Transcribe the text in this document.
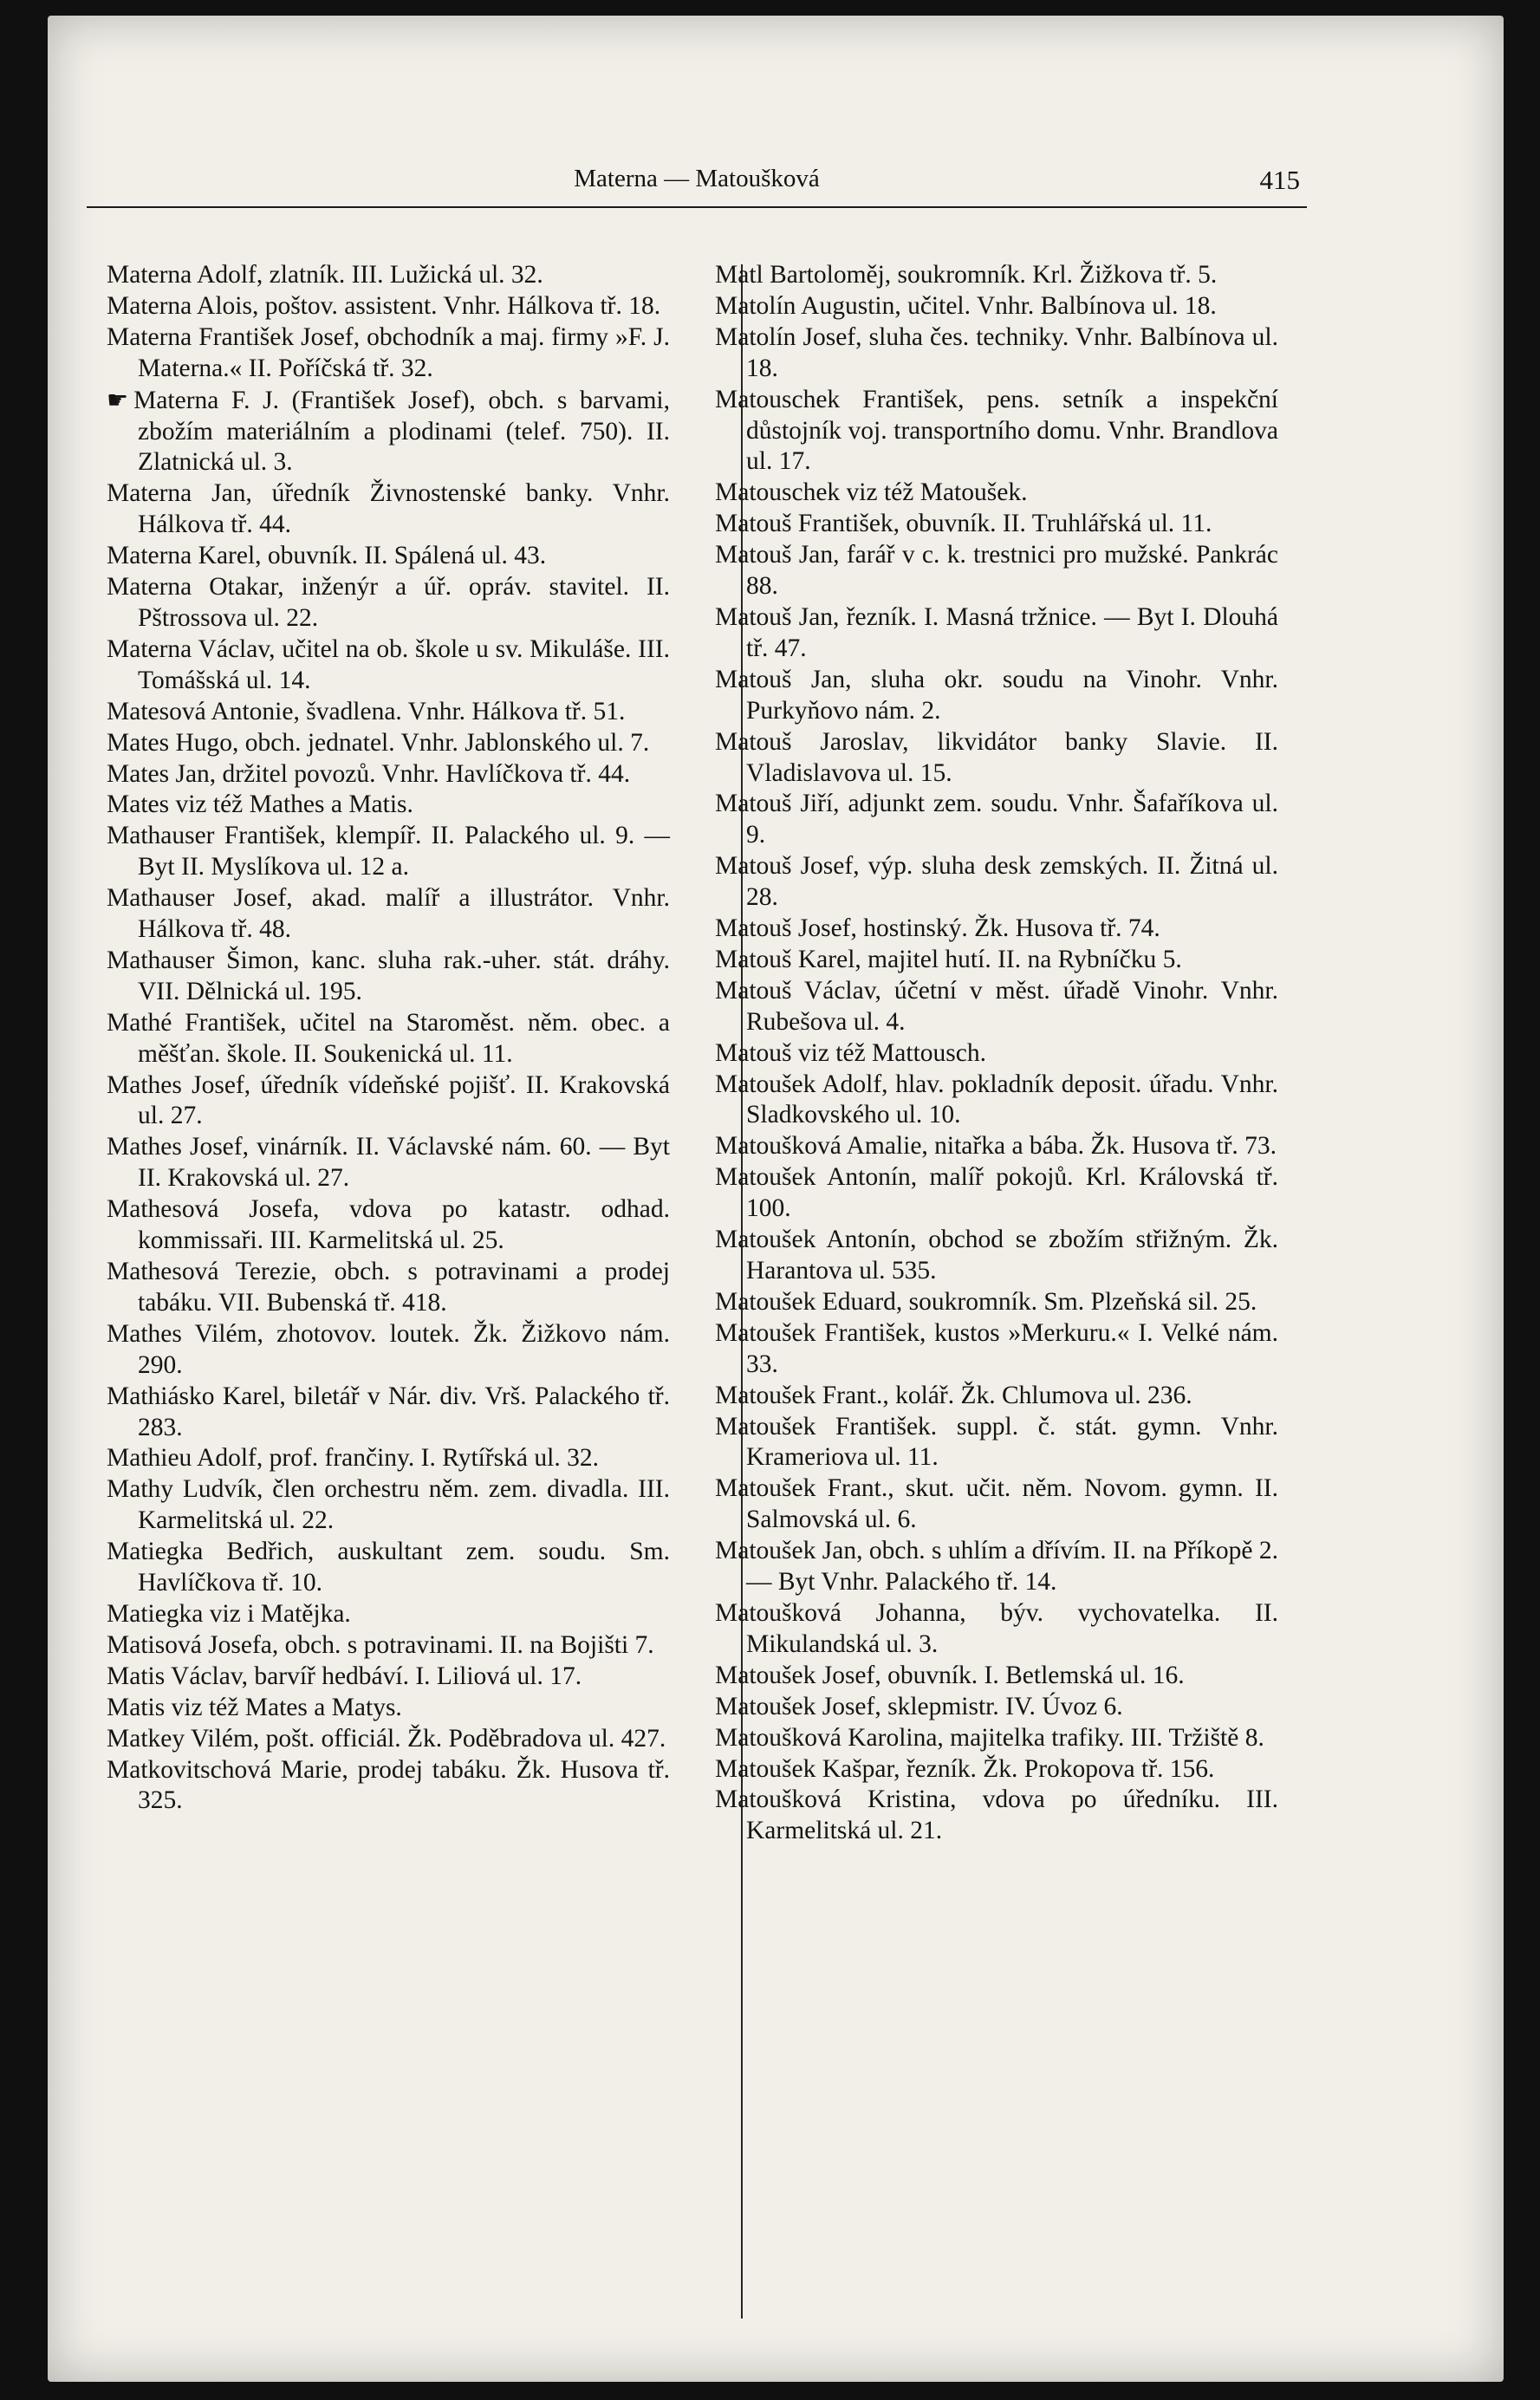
Materna — Matoušková	415
Materna Adolf, zlatník. III. Lužická ul. 32.
Materna Alois, poštov. assistent. Vnhr. Hálkova tř. 18.
Materna František Josef, obchodník a maj. firmy »F. J. Materna.« II. Poříčská tř. 32.
☛ Materna F. J. (František Josef), obch. s barvami, zbožím materiálním a plodinami (telef. 750). II. Zlatnická ul. 3.
Materna Jan, úředník Živnostenské banky. Vnhr. Hálkova tř. 44.
Materna Karel, obuvník. II. Spálená ul. 43.
Materna Otakar, inženýr a úř. opráv. stavitel. II. Pštrossova ul. 22.
Materna Václav, učitel na ob. škole u sv. Mikuláše. III. Tomášská ul. 14.
Matesová Antonie, švadlena. Vnhr. Hálkova tř. 51.
Mates Hugo, obch. jednatel. Vnhr. Jablonského ul. 7.
Mates Jan, držitel povozů. Vnhr. Havlíčkova tř. 44.
Mates viz též Mathes a Matis.
Mathauser František, klempíř. II. Palackého ul. 9. — Byt II. Myslíkova ul. 12 a.
Mathauser Josef, akad. malíř a illustrátor. Vnhr. Hálkova tř. 48.
Mathauser Šimon, kanc. sluha rak.-uher. stát. dráhy. VII. Dělnická ul. 195.
Mathé František, učitel na Staroměst. něm. obec. a měšťan. škole. II. Soukenická ul. 11.
Mathes Josef, úředník vídeňské pojišť. II. Krakovská ul. 27.
Mathes Josef, vinárník. II. Václavské nám. 60. — Byt II. Krakovská ul. 27.
Mathesová Josefa, vdova po katastr. odhad. kommissaři. III. Karmelitská ul. 25.
Mathesová Terezie, obch. s potravinami a prodej tabáku. VII. Bubenská tř. 418.
Mathes Vilém, zhotovov. loutek. Žk. Žižkovo nám. 290.
Mathiásko Karel, biletář v Nár. div. Vrš. Palackého tř. 283.
Mathieu Adolf, prof. frančiny. I. Rytířská ul. 32.
Mathy Ludvík, člen orchestru něm. zem. divadla. III. Karmelitská ul. 22.
Matiegka Bedřich, auskultant zem. soudu. Sm. Havlíčkova tř. 10.
Matiegka viz i Matějka.
Matisová Josefa, obch. s potravinami. II. na Bojišti 7.
Matis Václav, barvíř hedbáví. I. Liliová ul. 17.
Matis viz též Mates a Matys.
Matkey Vilém, pošt. officiál. Žk. Poděbradova ul. 427.
Matkovitschová Marie, prodej tabáku. Žk. Husova tř. 325.
Matl Bartoloměj, soukromník. Krl. Žižkova tř. 5.
Matolín Augustin, učitel. Vnhr. Balbínova ul. 18.
Matolín Josef, sluha čes. techniky. Vnhr. Balbínova ul. 18.
Matouschek František, pens. setník a inspekční důstojník voj. transportního domu. Vnhr. Brandlova ul. 17.
Matouschek viz též Matoušek.
Matouš František, obuvník. II. Truhlářská ul. 11.
Matouš Jan, farář v c. k. trestnici pro mužské. Pankrác 88.
Matouš Jan, řezník. I. Masná tržnice. — Byt I. Dlouhá tř. 47.
Matouš Jan, sluha okr. soudu na Vinohr. Vnhr. Purkyňovo nám. 2.
Matouš Jaroslav, likvidátor banky Slavie. II. Vladislavova ul. 15.
Matouš Jiří, adjunkt zem. soudu. Vnhr. Šafaříkova ul. 9.
Matouš Josef, výp. sluha desk zemských. II. Žitná ul. 28.
Matouš Josef, hostinský. Žk. Husova tř. 74.
Matouš Karel, majitel hutí. II. na Rybníčku 5.
Matouš Václav, účetní v měst. úřadě Vinohr. Vnhr. Rubešova ul. 4.
Matouš viz též Mattousch.
Matoušek Adolf, hlav. pokladník deposit. úřadu. Vnhr. Sladkovského ul. 10.
Matoušková Amalie, nitařka a bába. Žk. Husova tř. 73.
Matoušek Antonín, malíř pokojů. Krl. Královská tř. 100.
Matoušek Antonín, obchod se zbožím střižným. Žk. Harantova ul. 535.
Matoušek Eduard, soukromník. Sm. Plzeňská sil. 25.
Matoušek František, kustos »Merkuru.« I. Velké nám. 33.
Matoušek Frant., kolář. Žk. Chlumova ul. 236.
Matoušek František. suppl. č. stát. gymn. Vnhr. Krameriova ul. 11.
Matoušek Frant., skut. učit. něm. Novom. gymn. II. Salmovská ul. 6.
Matoušek Jan, obch. s uhlím a dřívím. II. na Příkopě 2. — Byt Vnhr. Palackého tř. 14.
Matoušková Johanna, býv. vychovatelka. II. Mikulandská ul. 3.
Matoušek Josef, obuvník. I. Betlemská ul. 16.
Matoušek Josef, sklepmistr. IV. Úvoz 6.
Matoušková Karolina, majitelka trafiky. III. Tržiště 8.
Matoušek Kašpar, řezník. Žk. Prokopova tř. 156.
Matoušková Kristina, vdova po úředníku. III. Karmelitská ul. 21.
